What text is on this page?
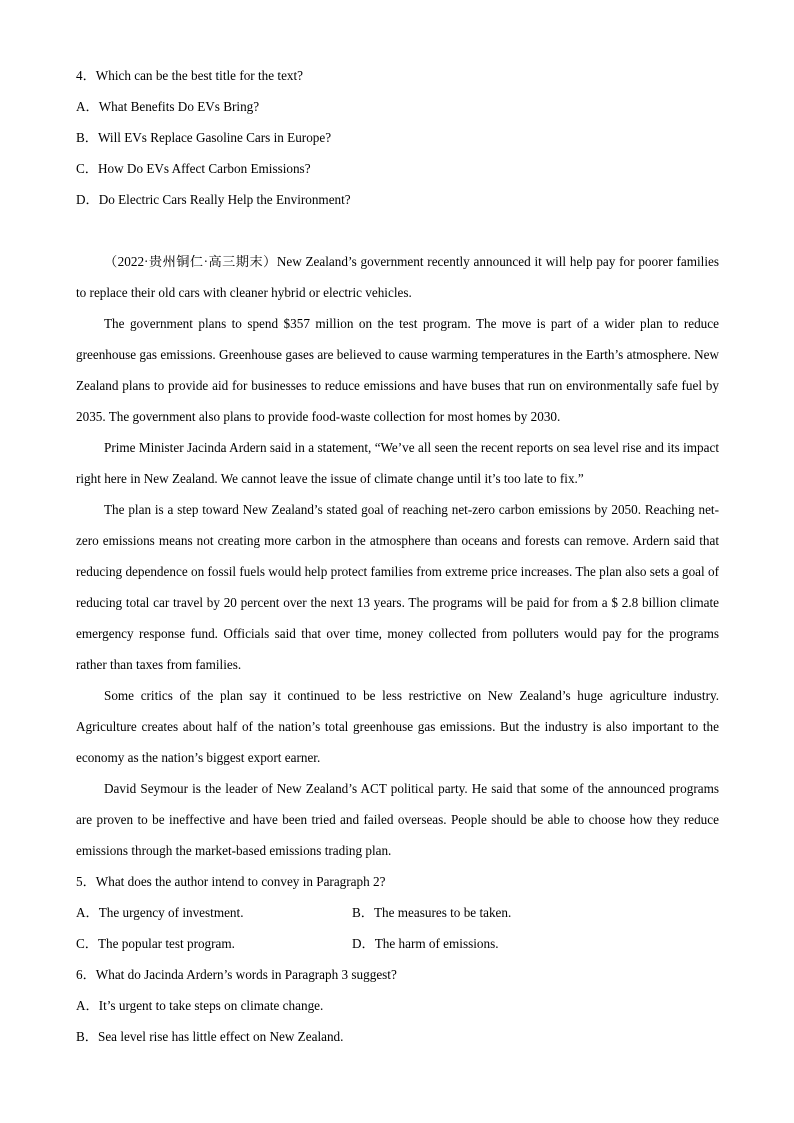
4．Which can be the best title for the text?
A．What Benefits Do EVs Bring?
B．Will EVs Replace Gasoline Cars in Europe?
C．How Do EVs Affect Carbon Emissions?
D．Do Electric Cars Really Help the Environment?

（2022·贵州铜仁·高三期末）New Zealand’s government recently announced it will help pay for poorer families to replace their old cars with cleaner hybrid or electric vehicles.

The government plans to spend $357 million on the test program. The move is part of a wider plan to reduce greenhouse gas emissions. Greenhouse gases are believed to cause warming temperatures in the Earth’s atmosphere. New Zealand plans to provide aid for businesses to reduce emissions and have buses that run on environmentally safe fuel by 2035. The government also plans to provide food-waste collection for most homes by 2030.

Prime Minister Jacinda Ardern said in a statement, “We’ve all seen the recent reports on sea level rise and its impact right here in New Zealand. We cannot leave the issue of climate change until it’s too late to fix.”

The plan is a step toward New Zealand’s stated goal of reaching net-zero carbon emissions by 2050. Reaching net-zero emissions means not creating more carbon in the atmosphere than oceans and forests can remove. Ardern said that reducing dependence on fossil fuels would help protect families from extreme price increases. The plan also sets a goal of reducing total car travel by 20 percent over the next 13 years. The programs will be paid for from a $ 2.8 billion climate emergency response fund. Officials said that over time, money collected from polluters would pay for the programs rather than taxes from families.

Some critics of the plan say it continued to be less restrictive on New Zealand’s huge agriculture industry. Agriculture creates about half of the nation’s total greenhouse gas emissions. But the industry is also important to the economy as the nation’s biggest export earner.

David Seymour is the leader of New Zealand’s ACT political party. He said that some of the announced programs are proven to be ineffective and have been tried and failed overseas. People should be able to choose how they reduce emissions through the market-based emissions trading plan.

5．What does the author intend to convey in Paragraph 2?
A．The urgency of investment.	B．The measures to be taken.
C．The popular test program.	D．The harm of emissions.
6．What do Jacinda Ardern’s words in Paragraph 3 suggest?
A．It’s urgent to take steps on climate change.
B．Sea level rise has little effect on New Zealand.
